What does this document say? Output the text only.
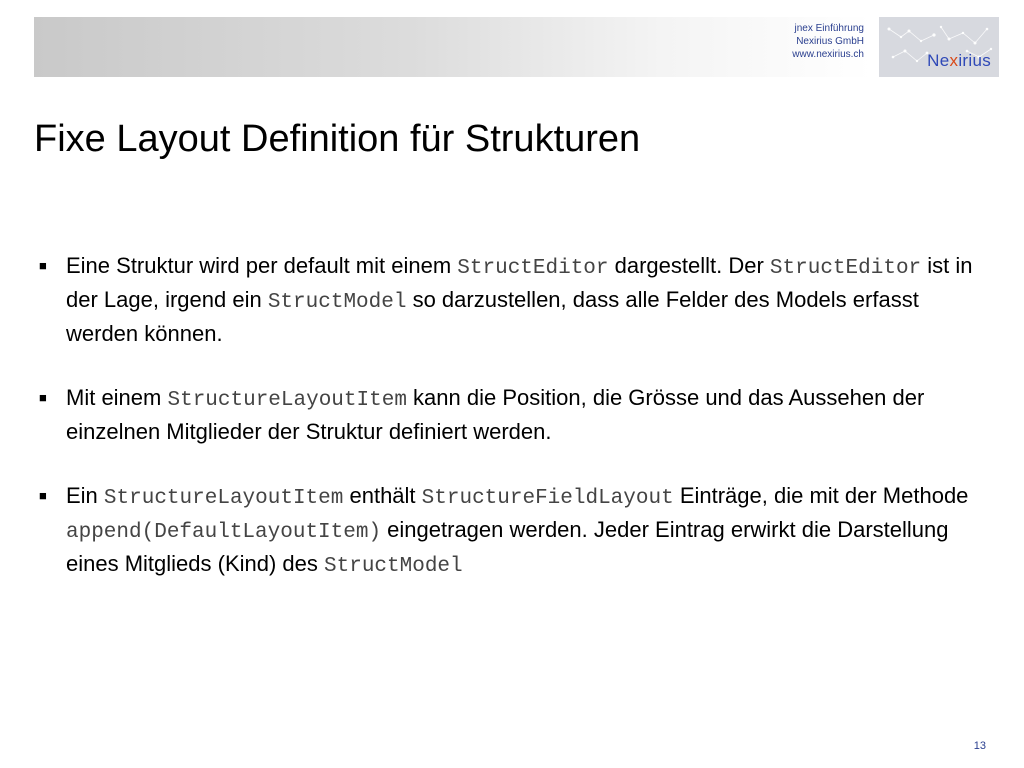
jnex Einführung
Nexirius GmbH
www.nexirius.ch	Nexirius
Fixe Layout Definition für Strukturen
■ Eine Struktur wird per default mit einem StructEditor dargestellt. Der StructEditor ist in der Lage, irgend ein StructModel so darzustellen, dass alle Felder des Models erfasst werden können.
■ Mit einem StructureLayoutItem kann die Position, die Grösse und das Aussehen der einzelnen Mitglieder der Struktur definiert werden.
■ Ein StructureLayoutItem enthält StructureFieldLayout Einträge, die mit der Methode append(DefaultLayoutItem) eingetragen werden. Jeder Eintrag erwirkt die Darstellung eines Mitglieds (Kind) des StructModel
13
